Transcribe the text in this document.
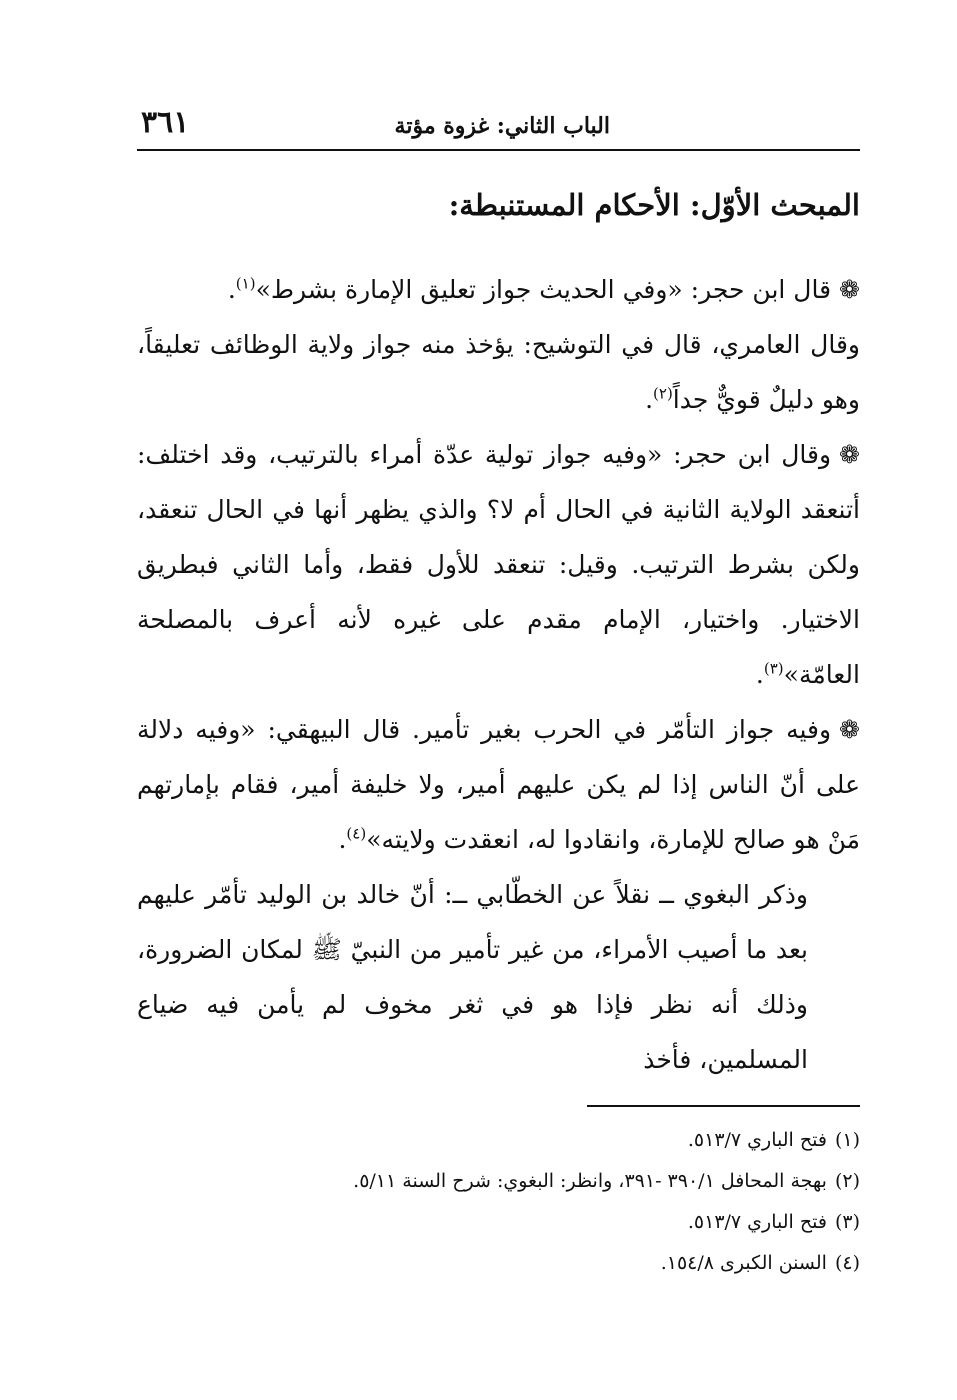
الباب الثاني: غزوة مؤتة
٣٦١
المبحث الأوّل: الأحكام المستنبطة:

❁قال ابن حجر: «وفي الحديث جواز تعليق الإمارة بشرط»$^{(١)}$.

وقال العامري، قال في التوشيح: يؤخذ منه جواز ولاية الوظائف تعليقاً، وهو دليلٌ قويٌّ جداً$^{(٢)}$.

❁وقال ابن حجر: «وفيه جواز تولية عدّة أمراء بالترتيب، وقد اختلف: أتنعقد الولاية الثانية في الحال أم لا؟ والذي يظهر أنها في الحال تنعقد، ولكن بشرط الترتيب. وقيل: تنعقد للأول فقط، وأما الثاني فبطريق الاختيار. واختيار، الإمام مقدم على غيره لأنه أعرف بالمصلحة العامّة»$^{(٣)}$.

❁وفيه جواز التأمّر في الحرب بغير تأمير. قال البيهقي: «وفيه دلالة على أنّ الناس إذا لم يكن عليهم أمير، ولا خليفة أمير، فقام بإمارتهم مَنْ هو صالح للإمارة، وانقادوا له، انعقدت ولايته»$^{(٤)}$.

وذكر البغوي ــ نقلاً عن الخطّابي ــ: أنّ خالد بن الوليد تأمّر عليهم بعد ما أصيب الأمراء، من غير تأمير من النبيّ ﷺ لمكان الضرورة، وذلك أنه نظر فإذا هو في ثغر مخوف لم يأمن فيه ضياع المسلمين، فأخذ

(١)فتح الباري ٥١٣/٧.

(٢)بهجة المحافل ٣٩٠/١ -٣٩١، وانظر: البغوي: شرح السنة ٥/١١.

(٣)فتح الباري ٥١٣/٧.

(٤)السنن الكبرى ١٥٤/٨.
